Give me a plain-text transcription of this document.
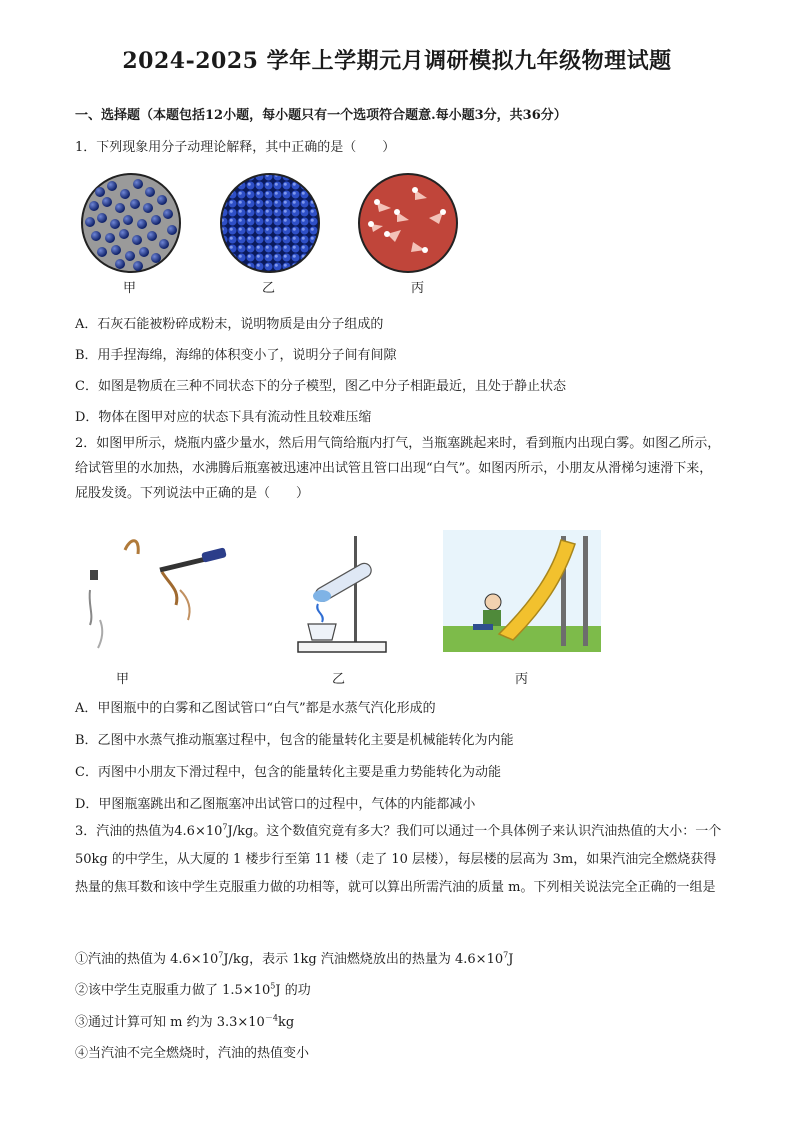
2024-2025 学年上学期元月调研模拟九年级物理试题
一、选择题（本题包括12小题，每小题只有一个选项符合题意.每小题3分，共36分）
1．下列现象用分子动理论解释，其中正确的是（　　）
甲	乙	丙
A．石灰石能被粉碎成粉末，说明物质是由分子组成的
B．用手捏海绵，海绵的体积变小了，说明分子间有间隙
C．如图是物质在三种不同状态下的分子模型，图乙中分子相距最近，且处于静止状态
D．物体在图甲对应的状态下具有流动性且较难压缩
2．如图甲所示，烧瓶内盛少量水，然后用气筒给瓶内打气，当瓶塞跳起来时，看到瓶内出现白雾。如图乙所示，给试管里的水加热，水沸腾后瓶塞被迅速冲出试管且管口出现“白气”。如图丙所示，小朋友从滑梯匀速滑下来，屁股发烫。下列说法中正确的是（　　）
甲	乙	丙
A．甲图瓶中的白雾和乙图试管口“白气”都是水蒸气汽化形成的
B．乙图中水蒸气推动瓶塞过程中，包含的能量转化主要是机械能转化为内能
C．丙图中小朋友下滑过程中，包含的能量转化主要是重力势能转化为动能
D．甲图瓶塞跳出和乙图瓶塞冲出试管口的过程中，气体的内能都减小
3．汽油的热值为$4.6\times 10^7J/kg$。这个数值究竟有多大？我们可以通过一个具体例子来认识汽油热值的大小：一个 50kg 的中学生，从大厦的 1 楼步行至第 11 楼（走了 10 层楼），每层楼的层高为 3m，如果汽油完全燃烧获得热量的焦耳数和该中学生克服重力做的功相等，就可以算出所需汽油的质量 m。下列相关说法完全正确的一组是
①汽油的热值为 $4.6\times 10^7J/kg$，表示 1kg 汽油燃烧放出的热量为 $4.6\times 10^7J$
②该中学生克服重力做了 $1.5\times 10^5J$ 的功
③通过计算可知 m 约为 $3.3\times 10^{-4}kg$
④当汽油不完全燃烧时，汽油的热值变小
